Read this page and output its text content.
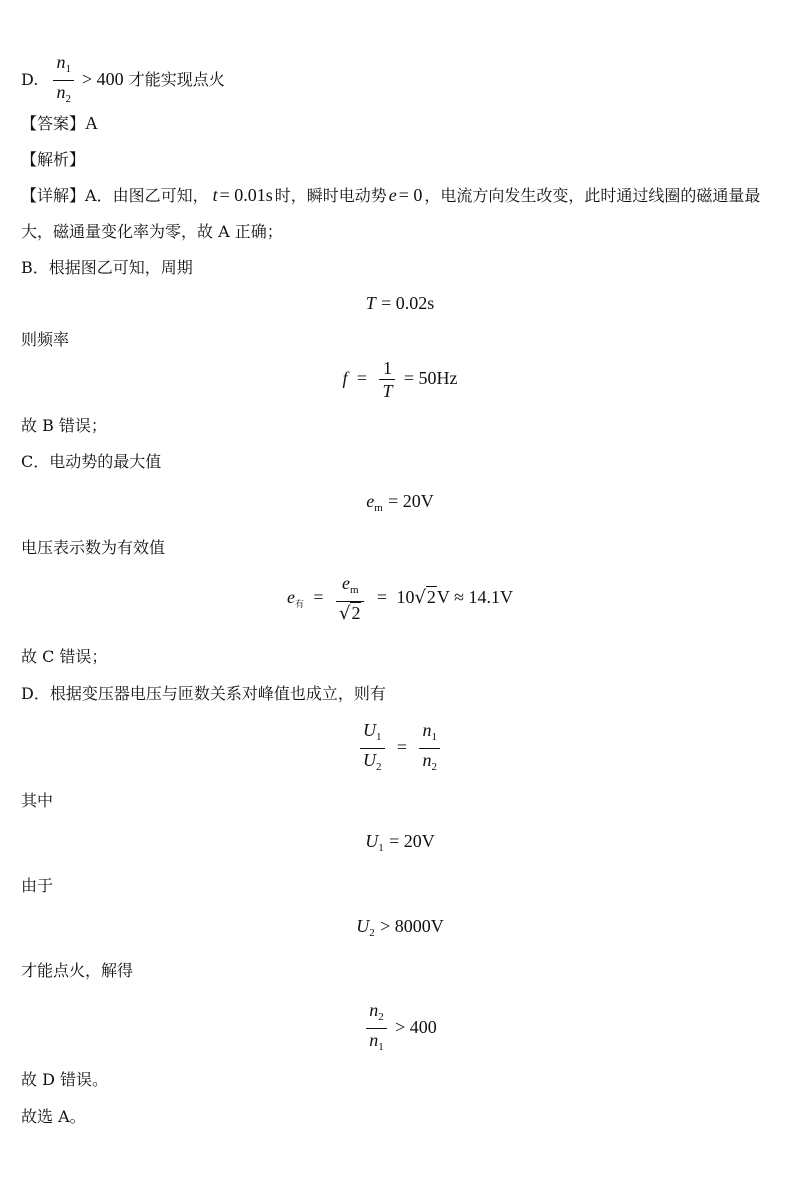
D. $\frac{n_1}{n_2} > 400$ 才能实现点火
【答案】A
【解析】
【详解】A．由图乙可知， t = 0.01s 时，瞬时电动势 e = 0 ，电流方向发生改变，此时通过线圈的磁通量最
大，磁通量变化率为零，故 A 正确；
B．根据图乙可知，周期
T = 0.02s
则频率
$f = \frac{1}{T} = 50Hz$
故 B 错误；
C．电动势的最大值
$e_m = 20V$
电压表示数为有效值
$e_有 = \frac{e_m}{√2} = 10√2V \approx 14.1V$
故 C 错误；
D．根据变压器电压与匝数关系对峰值也成立，则有
$\frac{U_1}{U_2} = \frac{n_1}{n_2}$
其中
$U_1 = 20V$
由于
$U_2 > 8000V$
才能点火，解得
$\frac{n_2}{n_1} > 400$
故 D 错误。
故选 A。
